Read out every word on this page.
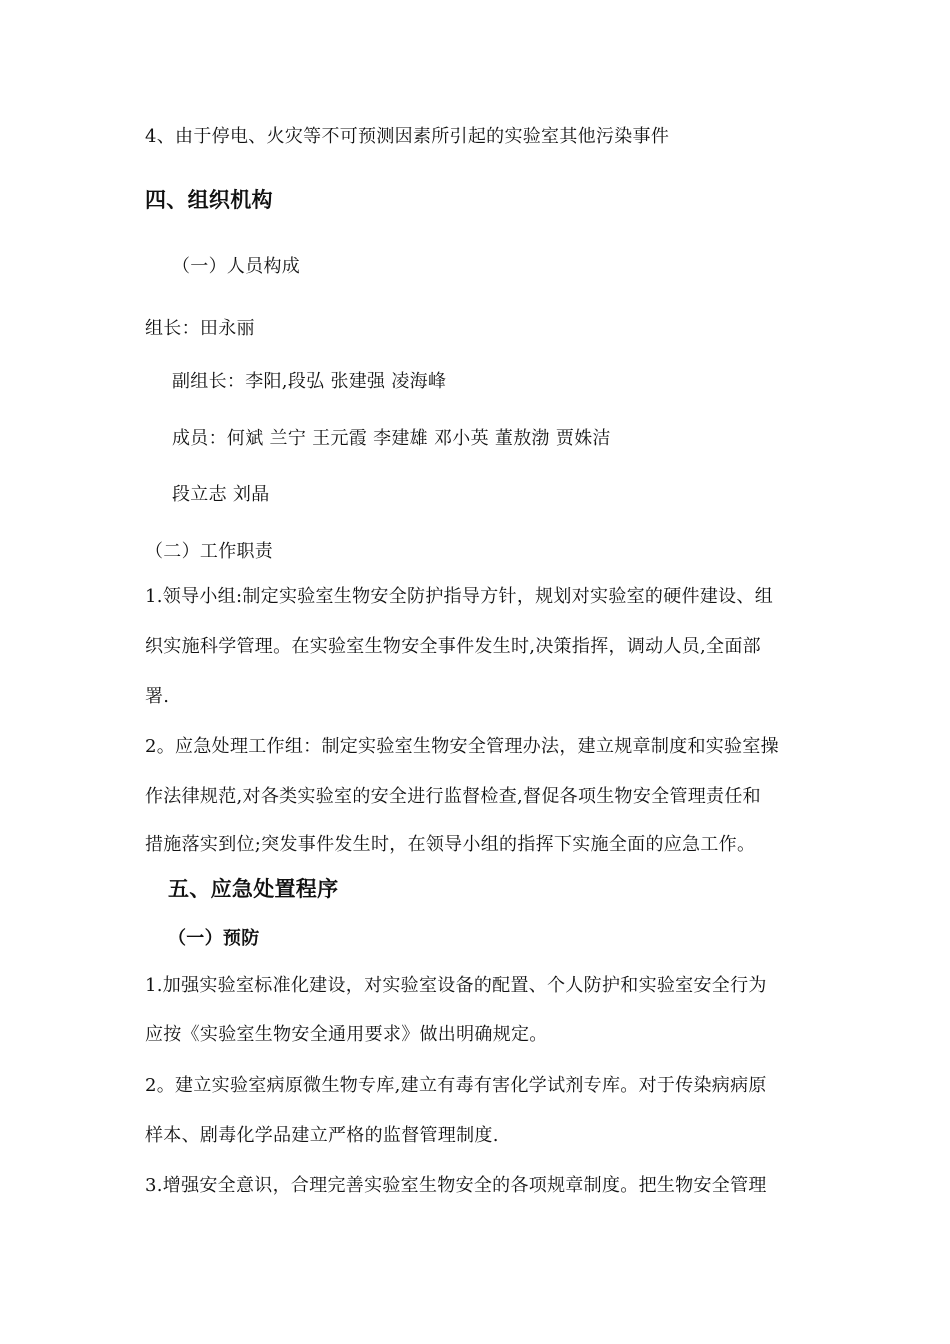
4、由于停电、火灾等不可预测因素所引起的实验室其他污染事件
四、组织机构
（一）人员构成
组长：田永丽
副组长：李阳,段弘 张建强 凌海峰
成员：何斌 兰宁 王元霞 李建雄 邓小英 董敖渤 贾姝洁
段立志 刘晶
（二）工作职责
1.领导小组:制定实验室生物安全防护指导方针，规划对实验室的硬件建设、组
织实施科学管理。在实验室生物安全事件发生时,决策指挥，调动人员,全面部
署.
2。应急处理工作组：制定实验室生物安全管理办法，建立规章制度和实验室操
作法律规范,对各类实验室的安全进行监督检查,督促各项生物安全管理责任和
措施落实到位;突发事件发生时，在领导小组的指挥下实施全面的应急工作。
五、应急处置程序
（一）预防
1.加强实验室标准化建设，对实验室设备的配置、个人防护和实验室安全行为
应按《实验室生物安全通用要求》做出明确规定。
2。建立实验室病原微生物专库,建立有毒有害化学试剂专库。对于传染病病原
样本、剧毒化学品建立严格的监督管理制度.
3.增强安全意识，合理完善实验室生物安全的各项规章制度。把生物安全管理
